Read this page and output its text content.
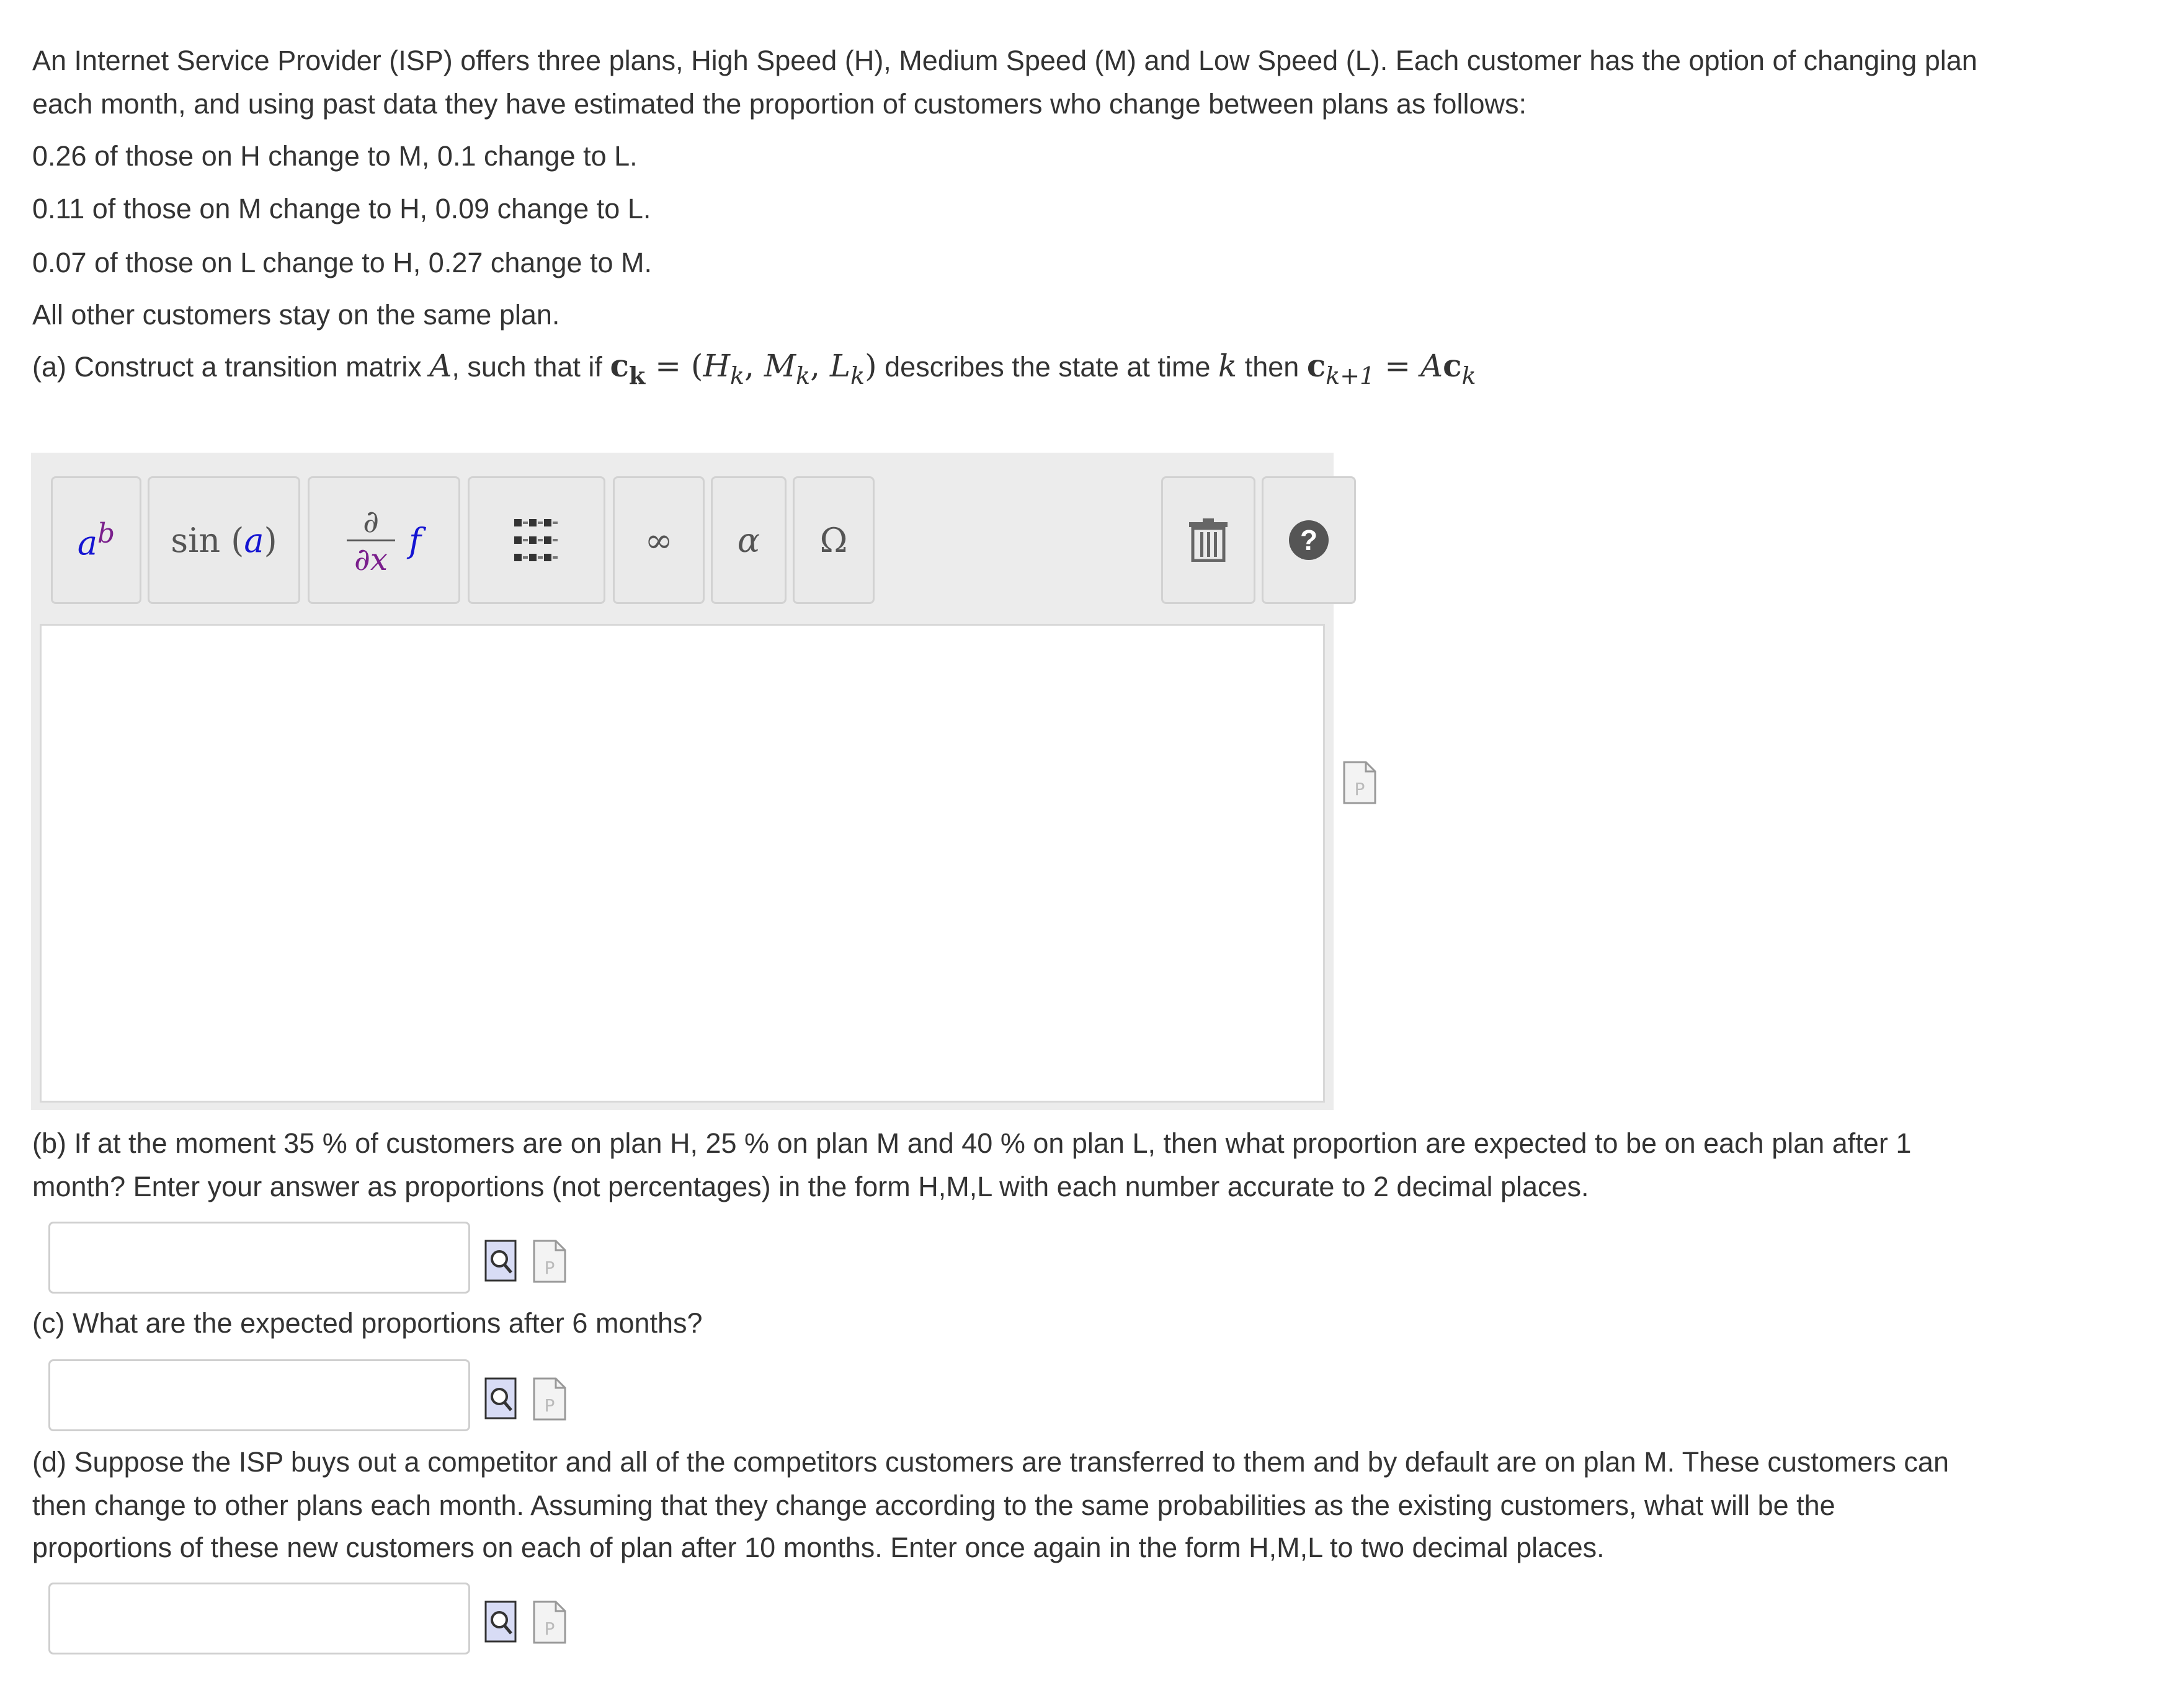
An Internet Service Provider (ISP) offers three plans, High Speed (H), Medium Speed (M) and Low Speed (L). Each customer has the option of changing plan

each month, and using past data they have estimated the proportion of customers who change between plans as follows:

0.26 of those on H change to M, 0.1 change to L.

0.11 of those on M change to H, 0.09 change to L.

0.07 of those on L change to H, 0.27 change to M.

All other customers stay on the same plan.

(a) Construct a transition matrix A, such that if $c_k = (H_k$, $M_k$, $L_k$) describes the state at time k then $c_{k+1} = Ac_k$

$a^b$ sin (a)	∂
∂x f	∞ α Ω	?
P

(b) If at the moment 35 % of customers are on plan H, 25 % on plan M and 40 % on plan L, then what proportion are expected to be on each plan after 1

month? Enter your answer as proportions (not percentages) in the form H,M,L with each number accurate to 2 decimal places.

P

(c) What are the expected proportions after 6 months?

P

(d) Suppose the ISP buys out a competitor and all of the competitors customers are transferred to them and by default are on plan M. These customers can

then change to other plans each month. Assuming that they change according to the same probabilities as the existing customers, what will be the

proportions of these new customers on each of plan after 10 months. Enter once again in the form H,M,L to two decimal places.

P
